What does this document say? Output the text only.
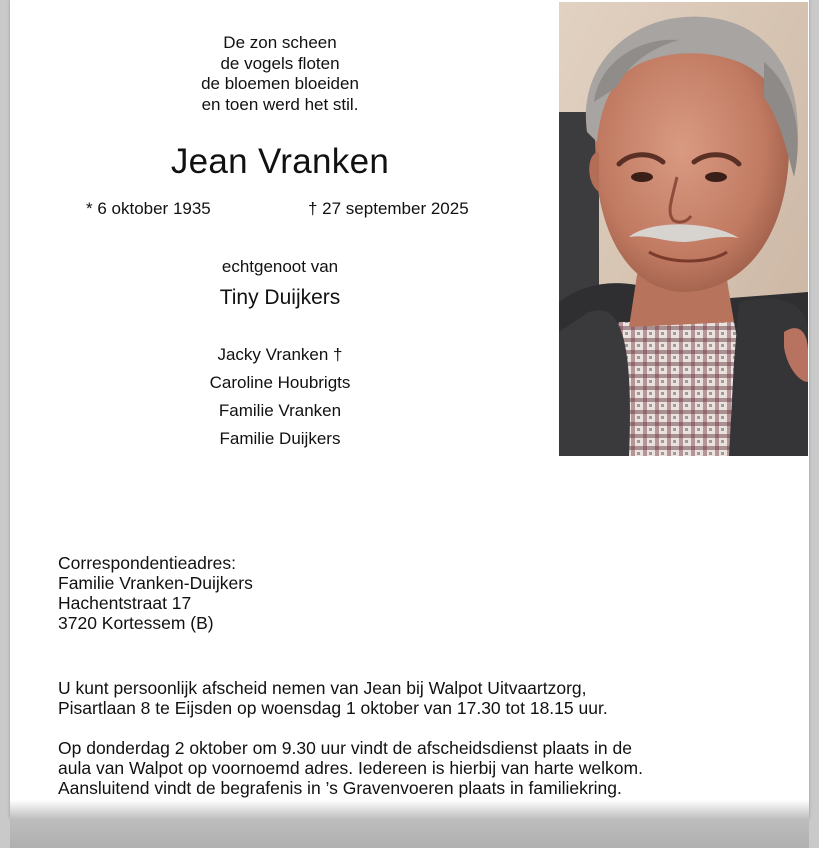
De zon scheen
de vogels floten
de bloemen bloeiden
en toen werd het stil.
Jean Vranken
* 6 oktober 1935	† 27 september 2025
echtgenoot van
Tiny Duijkers
Jacky Vranken †
Caroline Houbrigts
Familie Vranken
Familie Duijkers
Correspondentieadres:
Familie Vranken-Duijkers
Hachentstraat 17
3720 Kortessem (B)
U kunt persoonlijk afscheid nemen van Jean bij Walpot Uitvaartzorg,
Pisartlaan 8 te Eijsden op woensdag 1 oktober van 17.30 tot 18.15 uur.
Op donderdag 2 oktober om 9.30 uur vindt de afscheidsdienst plaats in de
aula van Walpot op voornoemd adres. Iedereen is hierbij van harte welkom.
Aansluitend vindt de begrafenis in ’s Gravenvoeren plaats in familiekring.
